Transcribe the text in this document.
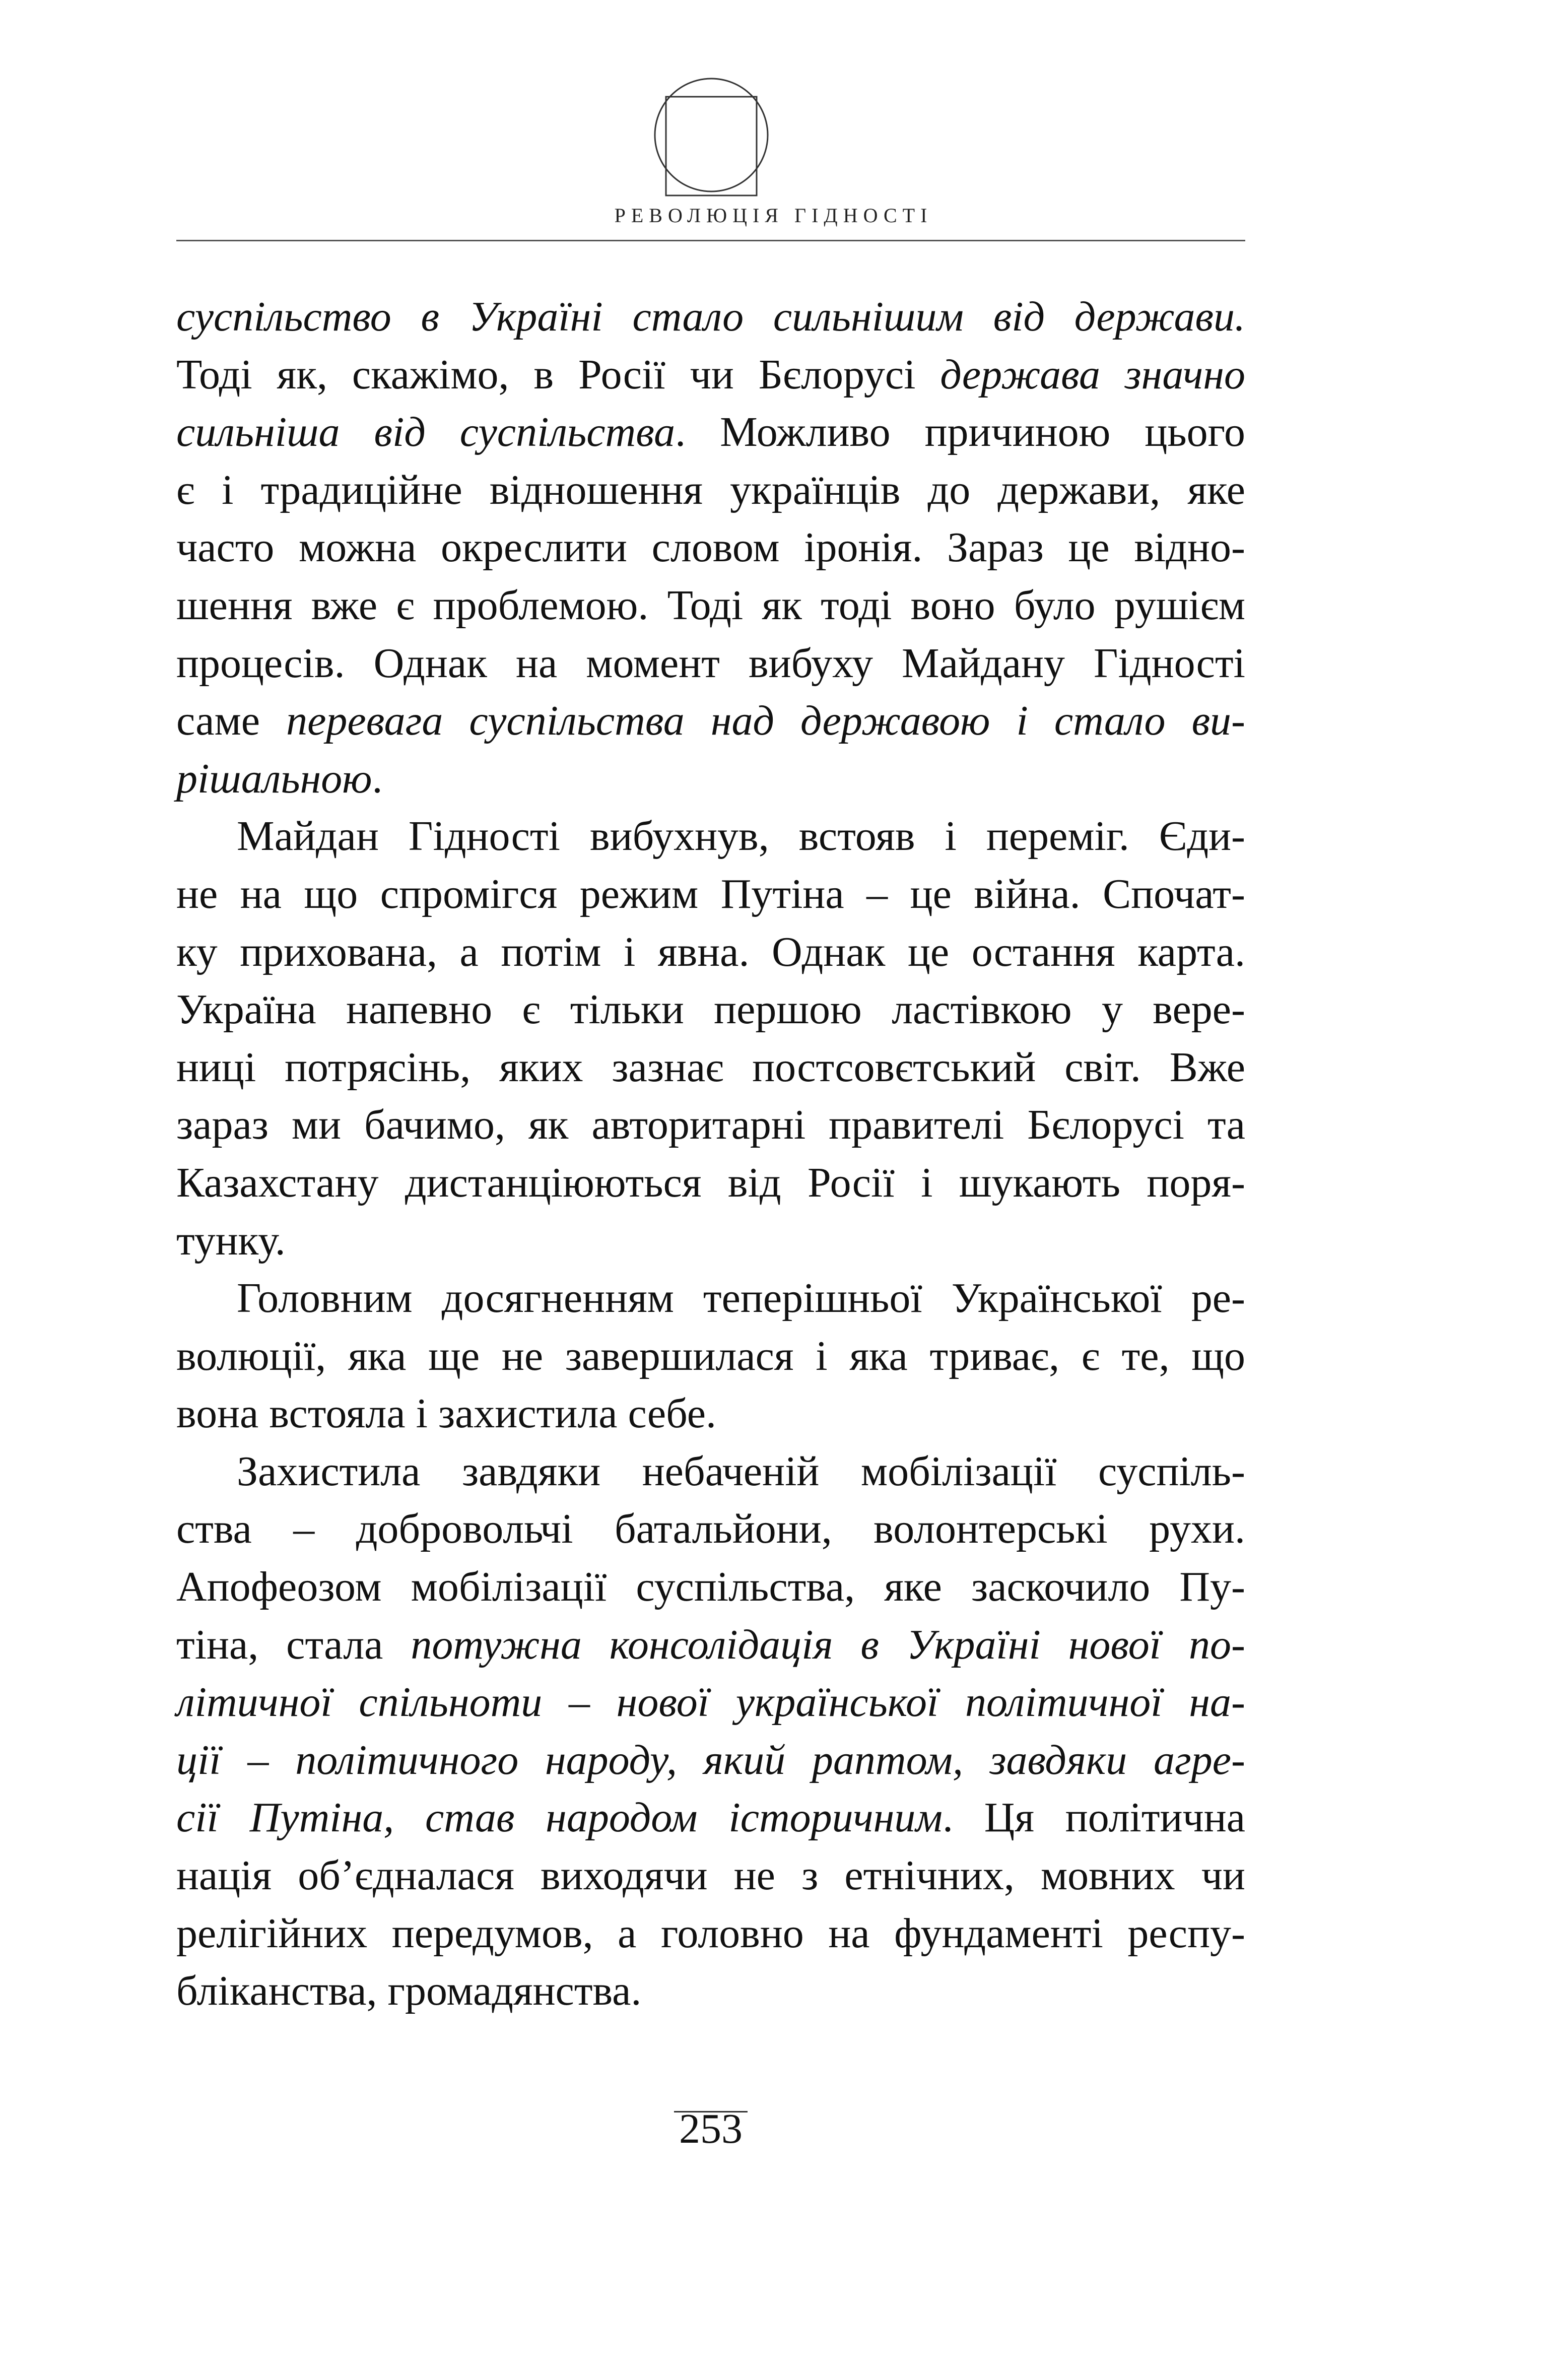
РЕВОЛЮЦІЯ ГІДНОСТІ
суспільство в Україні стало сильнішим від держави.
Тоді як, скажімо, в Росії чи Бєлорусі держава значно
сильніша від суспільства. Можливо причиною цього
є і традиційне відношення українців до держави, яке
часто можна окреслити словом іронія. Зараз це відно-
шення вже є проблемою. Тоді як тоді воно було рушієм
процесів. Однак на момент вибуху Майдану Гідності
саме перевага суспільства над державою і стало ви-
рішальною.
Майдан Гідності вибухнув, встояв і переміг. Єди-
не на що спромігся режим Путіна – це війна. Спочат-
ку прихована, а потім і явна. Однак це остання карта.
Україна напевно є тільки першою ластівкою у вере-
ниці потрясінь, яких зазнає постсовєтський світ. Вже
зараз ми бачимо, як авторитарні правителі Бєлорусі та
Казахстану дистанціюються від Росії і шукають поря-
тунку.
Головним досягненням теперішньої Української ре-
волюції, яка ще не завершилася і яка триває, є те, що
вона встояла і захистила себе.
Захистила завдяки небаченій мобілізації суспіль-
ства – добровольчі батальйони, волонтерські рухи.
Апофеозом мобілізації суспільства, яке заскочило Пу-
тіна, стала потужна консолідація в Україні нової по-
літичної спільноти – нової української політичної на-
ції – політичного народу, який раптом, завдяки агре-
сії Путіна, став народом історичним. Ця політична
нація об’єдналася виходячи не з етнічних, мовних чи
релігійних передумов, а головно на фундаменті респу-
бліканства, громадянства.
253
